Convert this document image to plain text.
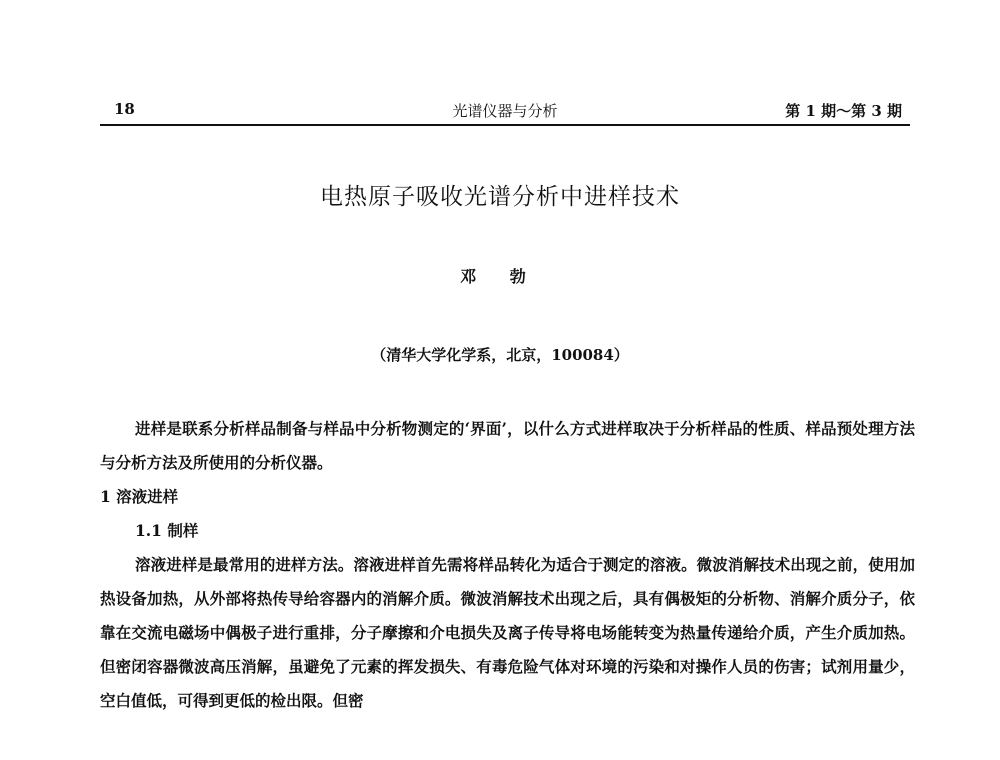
18	光谱仪器与分析	第 1 期～第 3 期
电热原子吸收光谱分析中进样技术
邓 勃
（清华大学化学系，北京，100084）

进样是联系分析样品制备与样品中分析物测定的‘界面’，以什么方式进样取决于分析样品的性质、样品预处理方法与分析方法及所使用的分析仪器。

1 溶液进样

1.1 制样

溶液进样是最常用的进样方法。溶液进样首先需将样品转化为适合于测定的溶液。微波消解技术出现之前，使用加热设备加热，从外部将热传导给容器内的消解介质。微波消解技术出现之后，具有偶极矩的分析物、消解介质分子，依靠在交流电磁场中偶极子进行重排，分子摩擦和介电损失及离子传导将电场能转变为热量传递给介质，产生介质加热。但密闭容器微波高压消解，虽避免了元素的挥发损失、有毒危险气体对环境的污染和对操作人员的伤害；试剂用量少，空白值低，可得到更低的检出限。但密
